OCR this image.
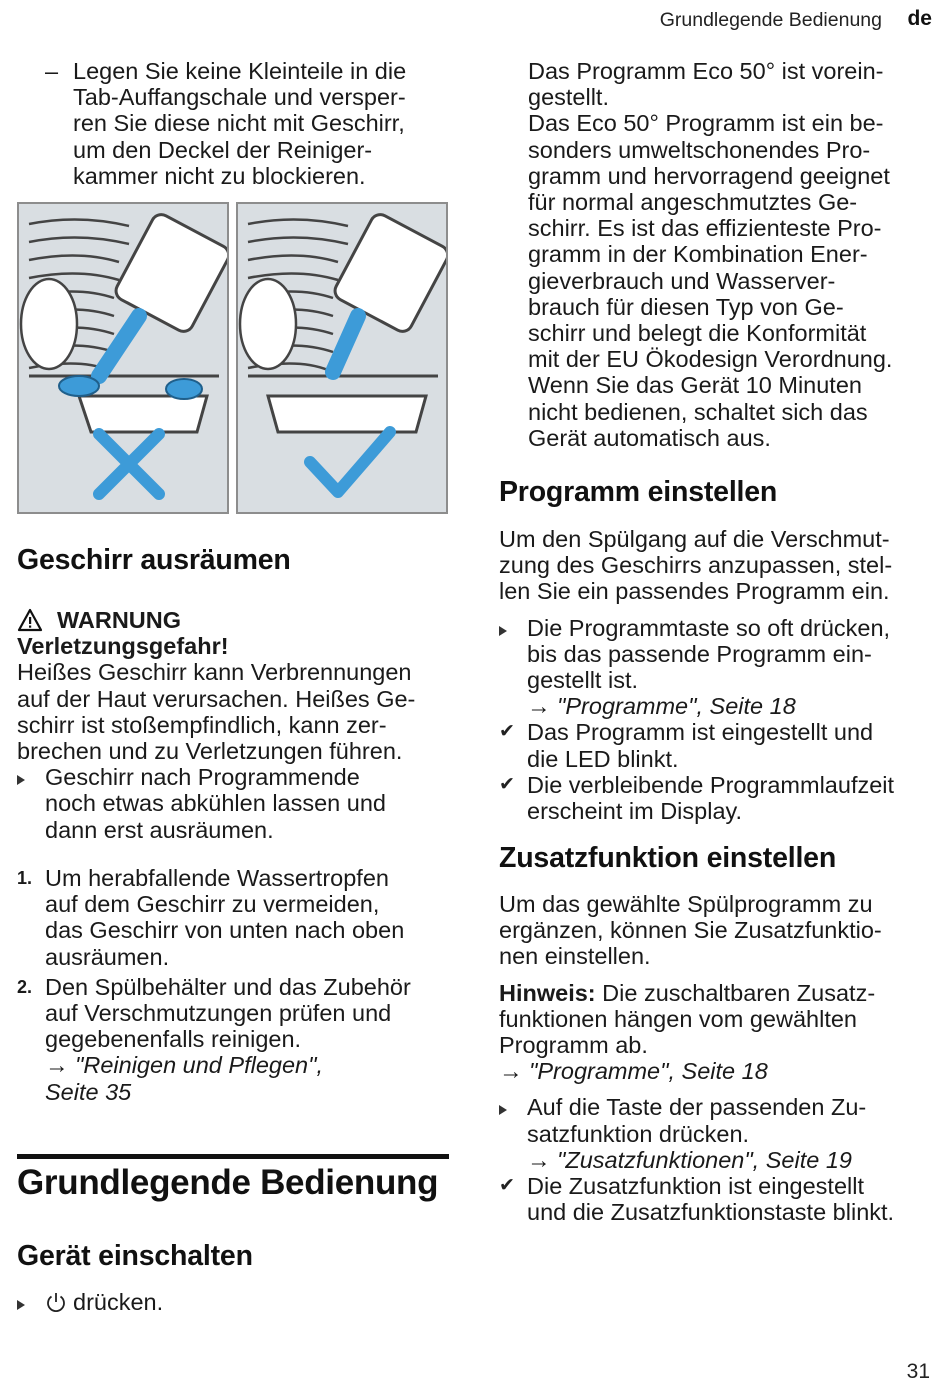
Grundlegende Bedienung de
– Legen Sie keine Kleinteile in die

Tab-Auffangschale und versper-

ren Sie diese nicht mit Geschirr,

um den Deckel der Reiniger-

kammer nicht zu blockieren.

Geschirr ausräumen
WARNUNG

Verletzungsgefahr!

Heißes Geschirr kann Verbrennungen

auf der Haut verursachen. Heißes Ge-

schirr ist stoßempfindlich, kann zer-

brechen und zu Verletzungen führen.

Geschirr nach Programmende

noch etwas abkühlen lassen und

dann erst ausräumen.

1. Um herabfallende Wassertropfen

auf dem Geschirr zu vermeiden,

das Geschirr von unten nach oben

ausräumen.

2. Den Spülbehälter und das Zubehör

auf Verschmutzungen prüfen und

gegebenenfalls reinigen.

→ "Reinigen und Pflegen",

Seite 35

Grundlegende Bedienung
Gerät einschalten

drücken.

Das Programm Eco 50° ist vorein-

gestellt.

Das Eco 50° Programm ist ein be-

sonders umweltschonendes Pro-

gramm und hervorragend geeignet

für normal angeschmutztes Ge-

schirr. Es ist das effizienteste Pro-

gramm in der Kombination Ener-

gieverbrauch und Wasserver-

brauch für diesen Typ von Ge-

schirr und belegt die Konformität

mit der EU Ökodesign Verordnung.

Wenn Sie das Gerät 10 Minuten

nicht bedienen, schaltet sich das

Gerät automatisch aus.

Programm einstellen

Um den Spülgang auf die Verschmut-

zung des Geschirrs anzupassen, stel-

len Sie ein passendes Programm ein.

Die Programmtaste so oft drücken,

bis das passende Programm ein-

gestellt ist.

→ "Programme", Seite 18

✔ Das Programm ist eingestellt und

die LED blinkt.

✔ Die verbleibende Programmlaufzeit

erscheint im Display.

Zusatzfunktion einstellen

Um das gewählte Spülprogramm zu

ergänzen, können Sie Zusatzfunktio-

nen einstellen.

Hinweis: Die zuschaltbaren Zusatz-

funktionen hängen vom gewählten

Programm ab.

→ "Programme", Seite 18

Auf die Taste der passenden Zu-

satzfunktion drücken.

→ "Zusatzfunktionen", Seite 19

✔ Die Zusatzfunktion ist eingestellt

und die Zusatzfunktionstaste blinkt.

31
